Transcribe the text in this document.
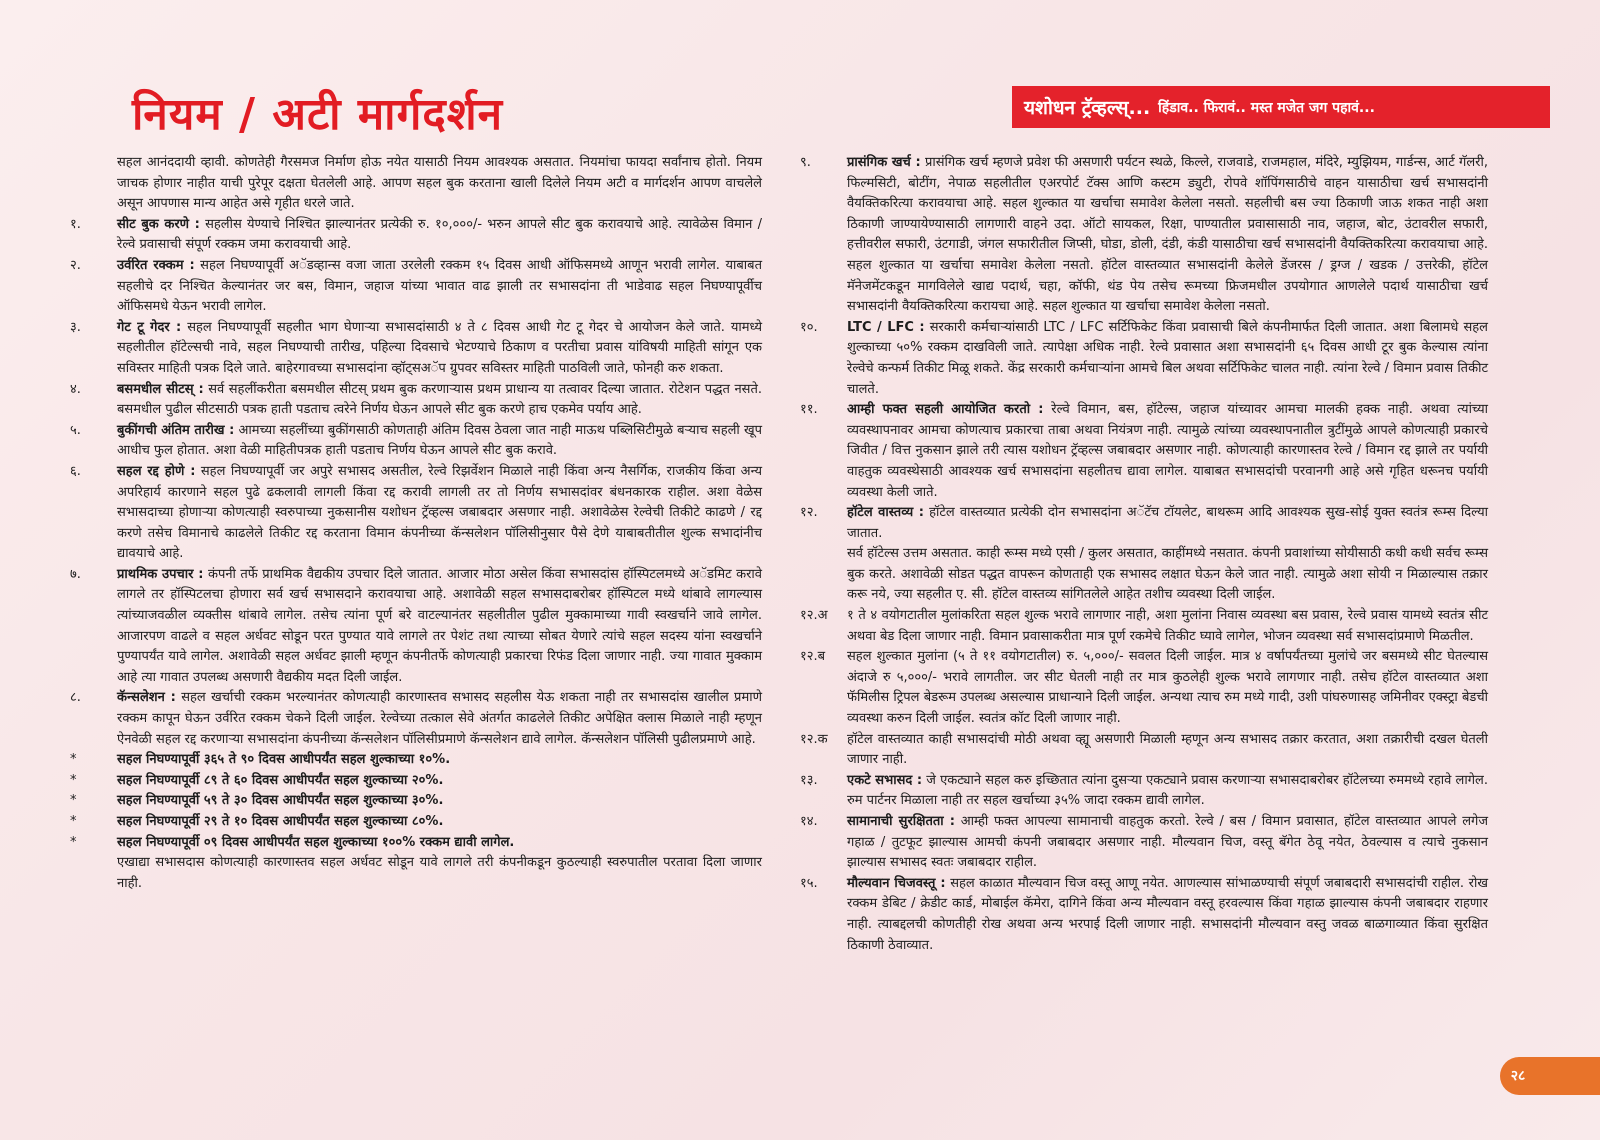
नियम / अटी मार्गदर्शन	यशोधन ट्रॅव्हल्स्... हिंडाव.. फिरावं.. मस्त मजेत जग पहावं...

सहल आनंददायी व्हावी. कोणतेही गैरसमज निर्माण होऊ नयेत यासाठी नियम आवश्यक असतात. नियमांचा फायदा सर्वांनाच होतो. नियम जाचक होणार नाहीत याची पुरेपूर दक्षता घेतलेली आहे. आपण सहल बुक करताना खाली दिलेले नियम अटी व मार्गदर्शन आपण वाचलेले असून आपणास मान्य आहेत असे गृहीत धरले जाते.

१.	सीट बुक करणे : सहलीस येण्याचे निश्चित झाल्यानंतर प्रत्येकी रु. १०,०००/- भरुन आपले सीट बुक करावयाचे आहे. त्यावेळेस विमान / रेल्वे प्रवासाची संपूर्ण रक्कम जमा करावयाची आहे.
२.	उर्वरित रक्कम : सहल निघण्यापूर्वी अॅडव्हान्स वजा जाता उरलेली रक्कम १५ दिवस आधी ऑफिसमध्ये आणून भरावी लागेल. याबाबत सहलीचे दर निश्चित केल्यानंतर जर बस, विमान, जहाज यांच्या भावात वाढ झाली तर सभासदांना ती भाडेवाढ सहल निघण्यापूर्वीच ऑफिसमधे येऊन भरावी लागेल.
३.	गेट टू गेदर : सहल निघण्यापूर्वी सहलीत भाग घेणाऱ्या सभासदांसाठी ४ ते ८ दिवस आधी गेट टू गेदर चे आयोजन केले जाते. यामध्ये सहलीतील हॉटेल्सची नावे, सहल निघण्याची तारीख, पहिल्या दिवसाचे भेटण्याचे ठिकाण व परतीचा प्रवास यांविषयी माहिती सांगून एक सविस्तर माहिती पत्रक दिले जाते. बाहेरगावच्या सभासदांना व्हॉट्सअॅप ग्रुपवर सविस्तर माहिती पाठविली जाते, फोनही करु शकता.
४.	बसमधील सीटस् : सर्व सहलींकरीता बसमधील सीटस् प्रथम बुक करणाऱ्यास प्रथम प्राधान्य या तत्वावर दिल्या जातात. रोटेशन पद्धत नसते. बसमधील पुढील सीटसाठी पत्रक हाती पडताच त्वरेने निर्णय घेऊन आपले सीट बुक करणे हाच एकमेव पर्याय आहे.
५.	बुकींगची अंतिम तारीख : आमच्या सहलींच्या बुकींगसाठी कोणताही अंतिम दिवस ठेवला जात नाही माऊथ पब्लिसिटीमुळे बऱ्याच सहली खूप आधीच फुल होतात. अशा वेळी माहितीपत्रक हाती पडताच निर्णय घेऊन आपले सीट बुक करावे.
६.	सहल रद्द होणे : सहल निघण्यापूर्वी जर अपुरे सभासद असतील, रेल्वे रिझर्वेशन मिळाले नाही किंवा अन्य नैसर्गिक, राजकीय किंवा अन्य अपरिहार्य कारणाने सहल पुढे ढकलावी लागली किंवा रद्द करावी लागली तर तो निर्णय सभासदांवर बंधनकारक राहील. अशा वेळेस सभासदाच्या होणाऱ्या कोणत्याही स्वरुपाच्या नुकसानीस यशोधन ट्रॅव्हल्स जबाबदार असणार नाही. अशावेळेस रेल्वेची तिकीटे काढणे / रद्द करणे तसेच विमानाचे काढलेले तिकीट रद्द करताना विमान कंपनीच्या कॅन्सलेशन पॉलिसीनुसार पैसे देणे याबाबतीतील शुल्क सभादांनीच द्यावयाचे आहे.
७.	प्राथमिक उपचार : कंपनी तर्फे प्राथमिक वैद्यकीय उपचार दिले जातात. आजार मोठा असेल किंवा सभासदांस हॉस्पिटलमध्ये अॅडमिट करावे लागले तर हॉस्पिटलचा होणारा सर्व खर्च सभासदाने करावयाचा आहे. अशावेळी सहल सभासदाबरोबर हॉस्पिटल मध्ये थांबावे लागल्यास त्यांच्याजवळील व्यक्तीस थांबावे लागेल. तसेच त्यांना पूर्ण बरे वाटल्यानंतर सहलीतील पुढील मुक्कामाच्या गावी स्वखर्चाने जावे लागेल. आजारपण वाढले व सहल अर्धवट सोडून परत पुण्यात यावे लागले तर पेशंट तथा त्याच्या सोबत येणारे त्यांचे सहल सदस्य यांना स्वखर्चाने पुण्यापर्यंत यावे लागेल. अशावेळी सहल अर्धवट झाली म्हणून कंपनीतर्फे कोणत्याही प्रकारचा रिफंड दिला जाणार नाही. ज्या गावात मुक्काम आहे त्या गावात उपलब्ध असणारी वैद्यकीय मदत दिली जाईल.
८.	कॅन्सलेशन : सहल खर्चाची रक्कम भरल्यानंतर कोणत्याही कारणास्तव सभासद सहलीस येऊ शकता नाही तर सभासदांस खालील प्रमाणे रक्कम कापून घेऊन उर्वरित रक्कम चेकने दिली जाईल. रेल्वेच्या तत्काल सेवे अंतर्गत काढलेले तिकीट अपेक्षित क्लास मिळाले नाही म्हणून ऐनवेळी सहल रद्द करणाऱ्या सभासदांना कंपनीच्या कॅन्सलेशन पॉलिसीप्रमाणे कॅन्सलेशन द्यावे लागेल. कॅन्सलेशन पॉलिसी पुढीलप्रमाणे आहे.
*	सहल निघण्यापूर्वी ३६५ ते ९० दिवस आधीपर्यंत सहल शुल्काच्या १०%.
*	सहल निघण्यापूर्वी ८९ ते ६० दिवस आधीपर्यंत सहल शुल्काच्या २०%.
*	सहल निघण्यापूर्वी ५९ ते ३० दिवस आधीपर्यंत सहल शुल्काच्या ३०%.
*	सहल निघण्यापूर्वी २९ ते १० दिवस आधीपर्यंत सहल शुल्काच्या ८०%.
*	सहल निघण्यापूर्वी ०९ दिवस आधीपर्यंत सहल शुल्काच्या १००% रक्कम द्यावी लागेल.

एखाद्या सभासदास कोणत्याही कारणास्तव सहल अर्धवट सोडून यावे लागले तरी कंपनीकडून कुठल्याही स्वरुपातील परतावा दिला जाणार नाही.

९.	प्रासंगिक खर्च : प्रासंगिक खर्च म्हणजे प्रवेश फी असणारी पर्यटन स्थळे, किल्ले, राजवाडे, राजमहाल, मंदिरे, म्युझियम, गार्डन्स, आर्ट गॅलरी, फिल्मसिटी, बोटींग, नेपाळ सहलीतील एअरपोर्ट टॅक्स आणि कस्टम ड्युटी, रोपवे शॉपिंगसाठीचे वाहन यासाठीचा खर्च सभासदांनी वैयक्तिकरित्या करावयाचा आहे. सहल शुल्कात या खर्चाचा समावेश केलेला नसतो. सहलीची बस ज्या ठिकाणी जाऊ शकत नाही अशा ठिकाणी जाण्यायेण्यासाठी लागणारी वाहने उदा. ऑटो सायकल, रिक्षा, पाण्यातील प्रवासासाठी नाव, जहाज, बोट, उंटावरील सफारी, हत्तीवरील सफारी, उंटगाडी, जंगल सफारीतील जिप्सी, घोडा, डोली, दंडी, कंडी यासाठीचा खर्च सभासदांनी वैयक्तिकरित्या करावयाचा आहे. सहल शुल्कात या खर्चाचा समावेश केलेला नसतो. हॉटेल वास्तव्यात सभासदांनी केलेले डेंजरस / ड्रग्ज / खडक / उत्तरेकी, हॉटेल मॅनेजमेंटकडून मागविलेले खाद्य पदार्थ, चहा, कॉफी, थंड पेय तसेच रूमच्या फ्रिजमधील उपयोगात आणलेले पदार्थ यासाठीचा खर्च सभासदांनी वैयक्तिकरित्या करायचा आहे. सहल शुल्कात या खर्चाचा समावेश केलेला नसतो.
१०.	LTC / LFC : सरकारी कर्मचाऱ्यांसाठी LTC / LFC सर्टिफिकेट किंवा प्रवासाची बिले कंपनीमार्फत दिली जातात. अशा बिलामधे सहल शुल्काच्या ५०% रक्कम दाखविली जाते. त्यापेक्षा अधिक नाही. रेल्वे प्रवासात अशा सभासदांनी ६५ दिवस आधी टूर बुक केल्यास त्यांना रेल्वेचे कन्फर्म तिकीट मिळू शकते. केंद्र सरकारी कर्मचाऱ्यांना आमचे बिल अथवा सर्टिफिकेट चालत नाही. त्यांना रेल्वे / विमान प्रवास तिकीट चालते.
११.	आम्ही फक्त सहली आयोजित करतो : रेल्वे विमान, बस, हॉटेल्स, जहाज यांच्यावर आमचा मालकी हक्क नाही. अथवा त्यांच्या व्यवस्थापनावर आमचा कोणत्याच प्रकारचा ताबा अथवा नियंत्रण नाही. त्यामुळे त्यांच्या व्यवस्थापनातील त्रुटींमुळे आपले कोणत्याही प्रकारचे जिवीत / वित्त नुकसान झाले तरी त्यास यशोधन ट्रॅव्हल्स जबाबदार असणार नाही. कोणत्याही कारणास्तव रेल्वे / विमान रद्द झाले तर पर्यायी वाहतुक व्यवस्थेसाठी आवश्यक खर्च सभासदांना सहलीतच द्यावा लागेल. याबाबत सभासदांची परवानगी आहे असे गृहित धरूनच पर्यायी व्यवस्था केली जाते.
१२.	हॉटेल वास्तव्य : हॉटेल वास्तव्यात प्रत्येकी दोन सभासदांना अॅटॅच टॉयलेट, बाथरूम आदि आवश्यक सुख-सोई युक्त स्वतंत्र रूम्स दिल्या जातात.
सर्व हॉटेल्स उत्तम असतात. काही रूम्स मध्ये एसी / कुलर असतात, काहींमध्ये नसतात. कंपनी प्रवाशांच्या सोयीसाठी कधी कधी सर्वच रूम्स बुक करते. अशावेळी सोडत पद्धत वापरून कोणताही एक सभासद लक्षात घेऊन केले जात नाही. त्यामुळे अशा सोयी न मिळाल्यास तक्रार करू नये, ज्या सहलीत ए. सी. हॉटेल वास्तव्य सांगितलेले आहेत तशीच व्यवस्था दिली जाईल.
१२.अ	१ ते ४ वयोगटातील मुलांकरिता सहल शुल्क भरावे लागणार नाही, अशा मुलांना निवास व्यवस्था बस प्रवास, रेल्वे प्रवास यामध्ये स्वतंत्र सीट अथवा बेड दिला जाणार नाही. विमान प्रवासाकरीता मात्र पूर्ण रकमेचे तिकीट घ्यावे लागेल, भोजन व्यवस्था सर्व सभासदांप्रमाणे मिळतील.
१२.ब	सहल शुल्कात मुलांना (५ ते ११ वयोगटातील) रु. ५,०००/- सवलत दिली जाईल. मात्र ४ वर्षापर्यंतच्या मुलांचे जर बसमध्ये सीट घेतल्यास अंदाजे रु ५,०००/- भरावे लागतील. जर सीट घेतली नाही तर मात्र कुठलेही शुल्क भरावे लागणार नाही. तसेच हॉटेल वास्तव्यात अशा फॅमिलीस ट्रिपल बेडरूम उपलब्ध असल्यास प्राधान्याने दिली जाईल. अन्यथा त्याच रुम मध्ये गादी, उशी पांघरुणासह जमिनीवर एक्स्ट्रा बेडची व्यवस्था करुन दिली जाईल. स्वतंत्र कॉट दिली जाणार नाही.
१२.क	हॉटेल वास्तव्यात काही सभासदांची मोठी अथवा व्ह्यू असणारी मिळाली म्हणून अन्य सभासद तक्रार करतात, अशा तक्रारीची दखल घेतली जाणार नाही.
१३.	एकटे सभासद : जे एकट्याने सहल करु इच्छितात त्यांना दुसऱ्या एकट्याने प्रवास करणाऱ्या सभासदाबरोबर हॉटेलच्या रुममध्ये रहावे लागेल. रुम पार्टनर मिळाला नाही तर सहल खर्चाच्या ३५% जादा रक्कम द्यावी लागेल.
१४.	सामानाची सुरक्षितता : आम्ही फक्त आपल्या सामानाची वाहतुक करतो. रेल्वे / बस / विमान प्रवासात, हॉटेल वास्तव्यात आपले लगेज गहाळ / तुटफूट झाल्यास आमची कंपनी जबाबदार असणार नाही. मौल्यवान चिज, वस्तू बॅगेत ठेवू नयेत, ठेवल्यास व त्याचे नुकसान झाल्यास सभासद स्वतः जबाबदार राहील.
१५.	मौल्यवान चिजवस्तू : सहल काळात मौल्यवान चिज वस्तू आणू नयेत. आणल्यास सांभाळण्याची संपूर्ण जबाबदारी सभासदांची राहील. रोख रक्कम डेबिट / क्रेडीट कार्ड, मोबाईल कॅमेरा, दागिने किंवा अन्य मौल्यवान वस्तू हरवल्यास किंवा गहाळ झाल्यास कंपनी जबाबदार राहणार नाही. त्याबद्दलची कोणतीही रोख अथवा अन्य भरपाई दिली जाणार नाही. सभासदांनी मौल्यवान वस्तु जवळ बाळगाव्यात किंवा सुरक्षित ठिकाणी ठेवाव्यात.
२८
